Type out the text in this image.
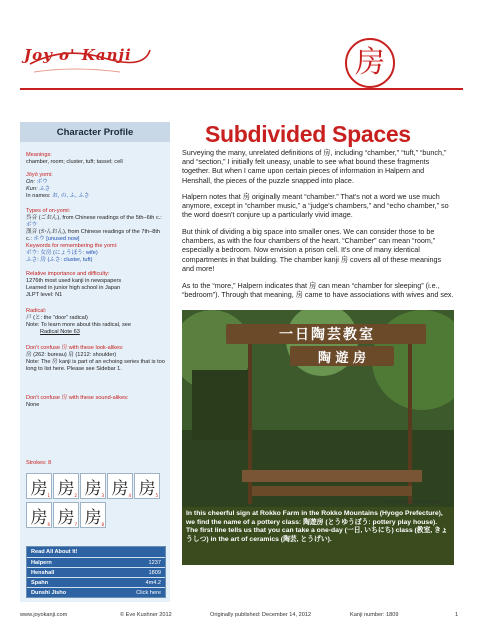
Joy o' Kanji	房
Character Profile
Meanings:
chamber, room; cluster, tuft; tassel; cell
Jōyō yomi:
On: ボウ
Kun: ふさ
In names: お, の, ふ, ふさ
Types of on-yomi:
呉音 (ごおん), from Chinese readings of the 5th–6th c.: ボウ
漢音 (かんおん), from Chinese readings of the 7th–8th c.: ホウ [unused now]
Keywords for remembering the yomi:
ボウ: 女房 (にょうぼう: wife)
ふさ: 房 (ふさ: cluster, tuft)
Relative importance and difficulty:
1276th most used kanji in newspapers
Learned in junior high school in Japan
JLPT level: N1
Radical:
戸 (と: the “door” radical)
Note: To learn more about this radical, see
Radical Note 63
Don't confuse 房 with these look-alikes:
房 (262: bureau) 肩 (1212: shoulder)
Note: The 房 kanji is part of an echoing series that is too long to list here. Please see Sidebar 1.
Don't confuse 房 with these sound-alikes:
None
Strokes: 8
房 1 房 2 房 3 房 4 房 5
房 6 房 7 房 8
Read All About It!
Halpern	1237
Henshall	1809
Spahn	4m4.2
Dunshi Jisho	Click here
Subdivided Spaces
Surveying the many, unrelated definitions of 房, including “chamber,” “tuft,” “bunch,” and “section,” I initially felt uneasy, unable to see what bound these fragments together. But when I came upon certain pieces of information in Halpern and Henshall, the pieces of the puzzle snapped into place.
Halpern notes that 房 originally meant “chamber.” That's not a word we use much anymore, except in “chamber music,” a “judge's chambers,” and “echo chamber,” so the word doesn't conjure up a particularly vivid image.
But think of dividing a big space into smaller ones. We can consider those to be chambers, as with the four chambers of the heart. “Chamber” can mean “room,” especially a bedroom. Now envision a prison cell. It's one of many identical compartments in that building. The chamber kanji 房 covers all of these meanings and more!
As to the “more,” Halpern indicates that 房 can mean “chamber for sleeping” (i.e., “bedroom”). Through that meaning, 房 came to have associations with wives and sex.
一日陶芸教室
陶 遊 房
Photo Credit: Eve Kushner
In this cheerful sign at Rokko Farm in the Rokko Mountains (Hyogo Prefecture), we find the name of a pottery class: 陶遊房 (とうゆうぼう: pottery play house). The first line tells us that you can take a one-day (一日, いちにち) class (教室, きょうしつ) in the art of ceramics (陶芸, とうげい).
www.joyokanji.com	© Eve Kushner 2012	Originally published: December 14, 2012	Kanji number: 1809	1
